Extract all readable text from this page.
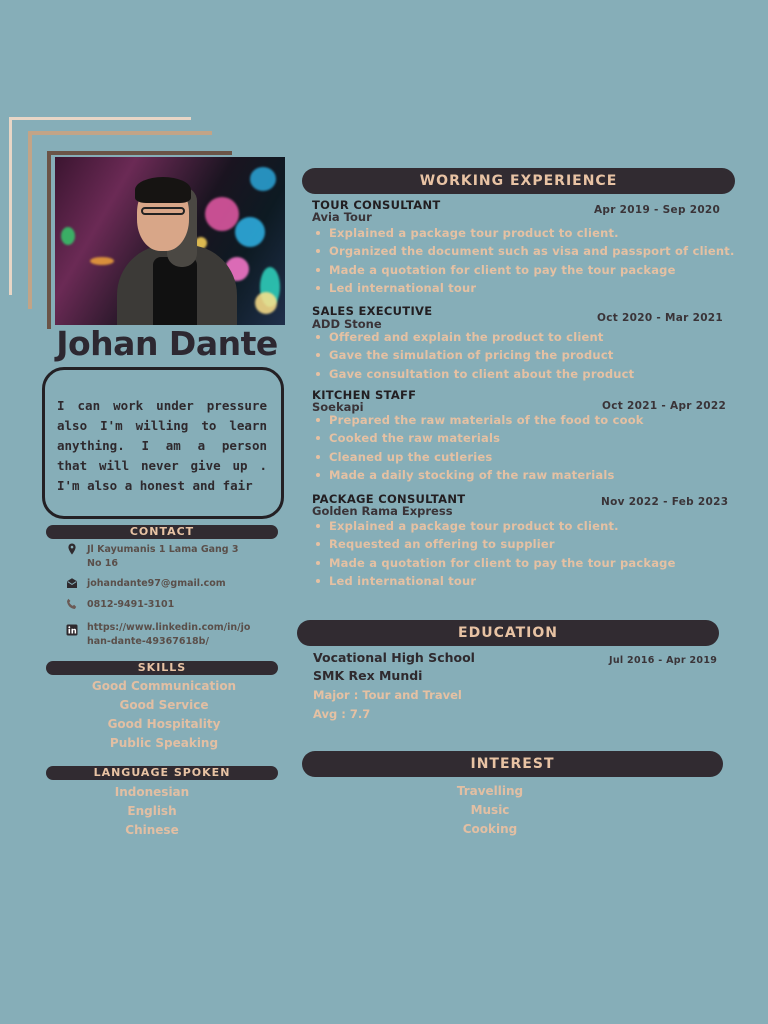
Johan Dante

I can work under pressure also I'm willing to learn anything. I am a person that will never give up . I'm also a honest and fair

CONTACT
Jl Kayumanis 1 Lama Gang 3
No 16
johandante97@gmail.com
0812-9491-3101
https://www.linkedin.com/in/jo
han-dante-49367618b/
SKILLS
Good Communication
Good Service
Good Hospitality
Public Speaking
LANGUAGE SPOKEN
Indonesian
English
Chinese
WORKING EXPERIENCE
TOUR CONSULTANT
Avia Tour	Apr 2019 - Sep 2020
Explained a package tour product to client.
Organized the document such as visa and passport of client.
Made a quotation for client to pay the tour package
Led international tour
SALES EXECUTIVE
ADD Stone	Oct 2020 - Mar 2021
Offered and explain the product to client
Gave the simulation of pricing the product
Gave consultation to client about the product
KITCHEN STAFF
Soekapi	Oct 2021 - Apr 2022
Prepared the raw materials of the food to cook
Cooked the raw materials
Cleaned up the cutleries
Made a daily stocking of the raw materials
PACKAGE CONSULTANT
Golden Rama Express
Nov 2022 - Feb 2023
Explained a package tour product to client.
Requested an offering to supplier
Made a quotation for client to pay the tour package
Led international tour
EDUCATION
Vocational High School
SMK Rex Mundi
Jul 2016 - Apr 2019
Major : Tour and Travel
Avg : 7.7
INTEREST
Travelling
Music
Cooking
